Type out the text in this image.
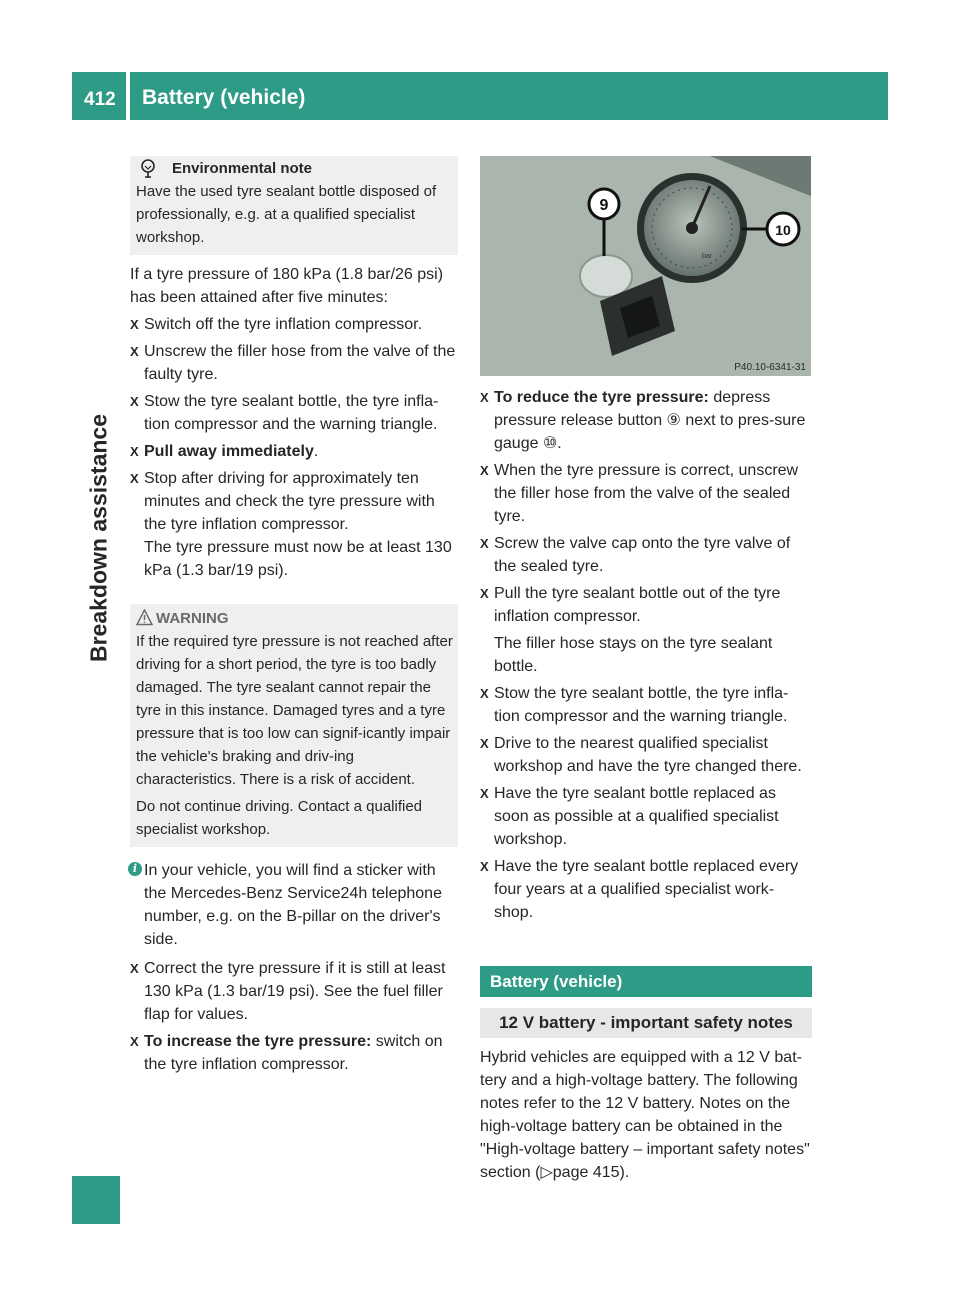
412 Battery (vehicle)
Breakdown assistance
Environmental note

Have the used tyre sealant bottle disposed of professionally, e.g. at a qualified specialist workshop.

If a tyre pressure of 180 kPa (1.8 bar/26 psi) has been attained after five minutes:

X Switch off the tyre inflation compressor.
X Unscrew the filler hose from the valve of the faulty tyre.
X Stow the tyre sealant bottle, the tyre infla-tion compressor and the warning triangle.
X Pull away immediately.
X Stop after driving for approximately ten minutes and check the tyre pressure with the tyre inflation compressor.
The tyre pressure must now be at least 130 kPa (1.3 bar/19 psi).
WARNING

If the required tyre pressure is not reached after driving for a short period, the tyre is too badly damaged. The tyre sealant cannot repair the tyre in this instance. Damaged tyres and a tyre pressure that is too low can signif-icantly impair the vehicle's braking and driv-ing characteristics. There is a risk of accident.

Do not continue driving. Contact a qualified specialist workshop.

i In your vehicle, you will find a sticker with the Mercedes-Benz Service24h telephone number, e.g. on the B-pillar on the driver's side.
X Correct the tyre pressure if it is still at least 130 kPa (1.3 bar/19 psi). See the fuel filler flap for values.
X To increase the tyre pressure: switch on the tyre inflation compressor.
bar
9
10
P40.10-6341-31
X To reduce the tyre pressure: depress pressure release button ⑨ next to pres-sure gauge ⑩.
X When the tyre pressure is correct, unscrew the filler hose from the valve of the sealed tyre.
X Screw the valve cap onto the tyre valve of the sealed tyre.
X Pull the tyre sealant bottle out of the tyre inflation compressor.

The filler hose stays on the tyre sealant bottle.

X Stow the tyre sealant bottle, the tyre infla-tion compressor and the warning triangle.
X Drive to the nearest qualified specialist workshop and have the tyre changed there.
X Have the tyre sealant bottle replaced as soon as possible at a qualified specialist workshop.
X Have the tyre sealant bottle replaced every four years at a qualified specialist work-shop.
Battery (vehicle)
12 V battery - important safety notes

Hybrid vehicles are equipped with a 12 V bat-tery and a high-voltage battery. The following notes refer to the 12 V battery. Notes on the high-voltage battery can be obtained in the "High-voltage battery – important safety notes" section (▷page 415).
